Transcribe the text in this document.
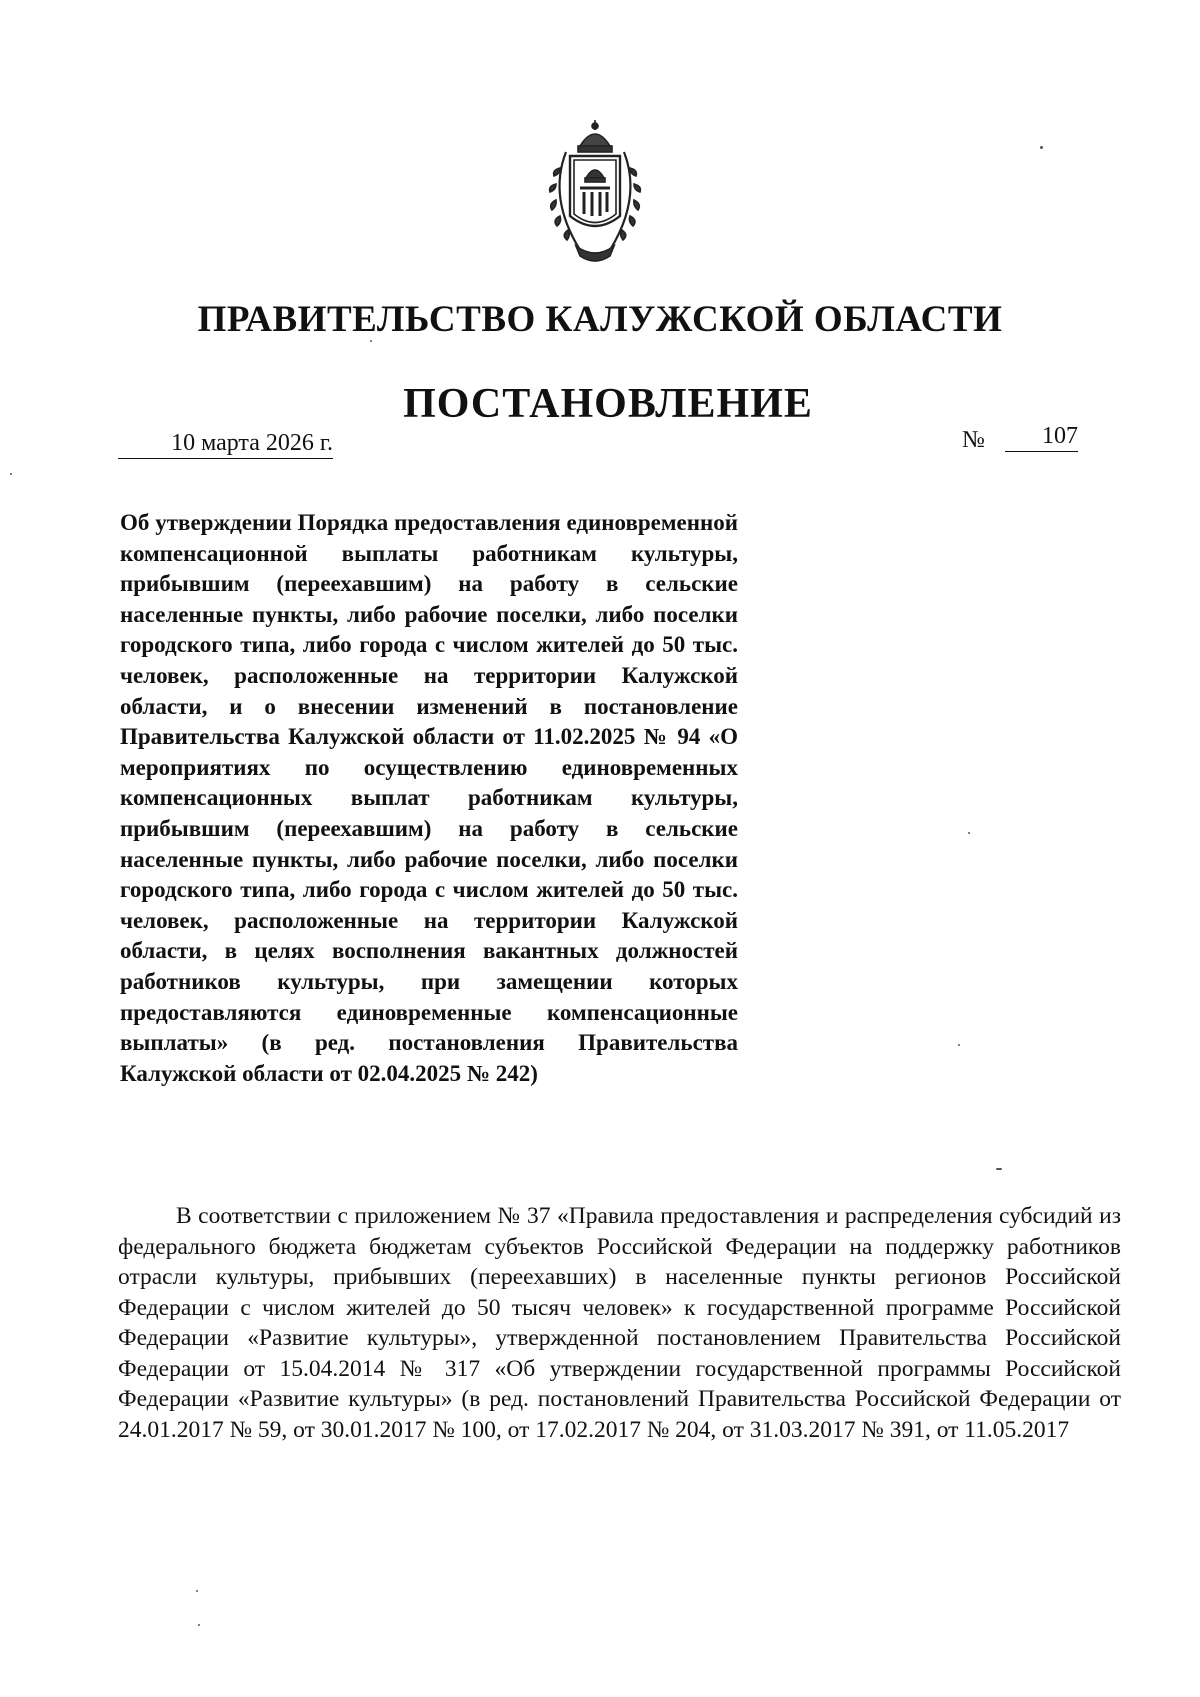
ПРАВИТЕЛЬСТВО КАЛУЖСКОЙ ОБЛАСТИ
ПОСТАНОВЛЕНИЕ
10 марта 2026 г.	№	107

Об утверждении Порядка предоставления единовременной компенсационной выплаты работникам культуры, прибывшим (переехавшим) на работу в сельские населенные пункты, либо рабочие поселки, либо поселки городского типа, либо города с числом жителей до 50 тыс. человек, расположенные на территории Калужской области, и о внесении изменений в постановление Правительства Калужской области от 11.02.2025 № 94 «О мероприятиях по осуществлению единовременных компенсационных выплат работникам культуры, прибывшим (переехавшим) на работу в сельские населенные пункты, либо рабочие поселки, либо поселки городского типа, либо города с числом жителей до 50 тыс. человек, расположенные на территории Калужской области, в целях восполнения вакантных должностей работников культуры, при замещении которых предоставляются единовременные компенсационные выплаты» (в ред. постановления Правительства Калужской области от 02.04.2025 № 242)

В соответствии с приложением № 37 «Правила предоставления и распределения субсидий из федерального бюджета бюджетам субъектов Российской Федерации на поддержку работников отрасли культуры, прибывших (переехавших) в населенные пункты регионов Российской Федерации с числом жителей до 50 тысяч человек» к государственной программе Российской Федерации «Развитие культуры», утвержденной постановлением Правительства Российской Федерации от 15.04.2014 № 317 «Об утверждении государственной программы Российской Федерации «Развитие культуры» (в ред. постановлений Правительства Российской Федерации от 24.01.2017 № 59, от 30.01.2017 № 100, от 17.02.2017 № 204, от 31.03.2017 № 391, от 11.05.2017
